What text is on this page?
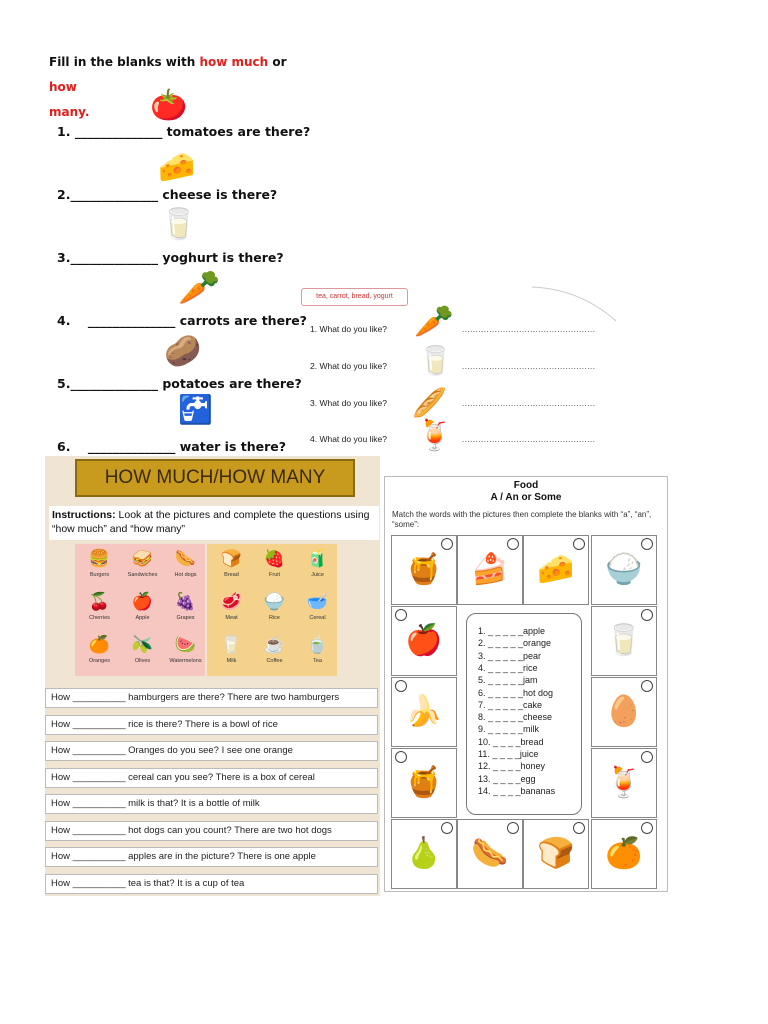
Fill in the blanks with how much or how
many.	🍅
1. ______________ tomatoes are there?
🧀
2.______________ cheese is there?
🥛
3.______________ yoghurt is there?
🥕
4. ______________ carrots are there?
🥔
5.______________ potatoes are there?
🚰
6. ______________ water is there?
tea, carrot, bread, yogurt
1. What do you like? 🥕 .................................................
2. What do you like? 🥛 .................................................
3. What do you like? 🥖 .................................................
4. What do you like? 🍹 .................................................
HOW MUCH/HOW MANY
Instructions: Look at the pictures and complete the questions using “how much” and “how many”
🍔
Burgers
🥪
Sandwiches
🌭
Hot dogs
🍒
Cherries
🍎
Apple
🍇
Grapes
🍊
Oranges
🫒
Olives
🍉
Watermelons
🍞
Bread
🍓
Fruit
🧃
Juice
🥩
Meat
🍚
Rice
🥣
Cereal
🥛
Milk
☕
Coffee
🍵
Tea
How __________ hamburgers are there? There are two hamburgers
How __________ rice is there? There is a bowl of rice
How __________ Oranges do you see? I see one orange
How __________ cereal can you see? There is a box of cereal
How __________ milk is that? It is a bottle of milk
How __________ hot dogs can you count? There are two hot dogs
How __________ apples are in the picture? There is one apple
How __________ tea is that? It is a cup of tea
Food
A / An or Some
Match the words with the pictures then complete the blanks with “a”, “an”, “some”:
🍯 🍰 🧀	🍚
🍎	🥛
🍌	🥚
🍯	🍹
🍐 🌭 🍞	🍊
1. _ _ _ _ _apple
2. _ _ _ _ _orange
3. _ _ _ _ _pear
4. _ _ _ _ _rice
5. _ _ _ _ _jam
6. _ _ _ _ _hot dog
7. _ _ _ _ _cake
8. _ _ _ _ _cheese
9. _ _ _ _ _milk
10. _ _ _ _bread
11. _ _ _ _juice
12. _ _ _ _honey
13. _ _ _ _egg
14. _ _ _ _bananas
